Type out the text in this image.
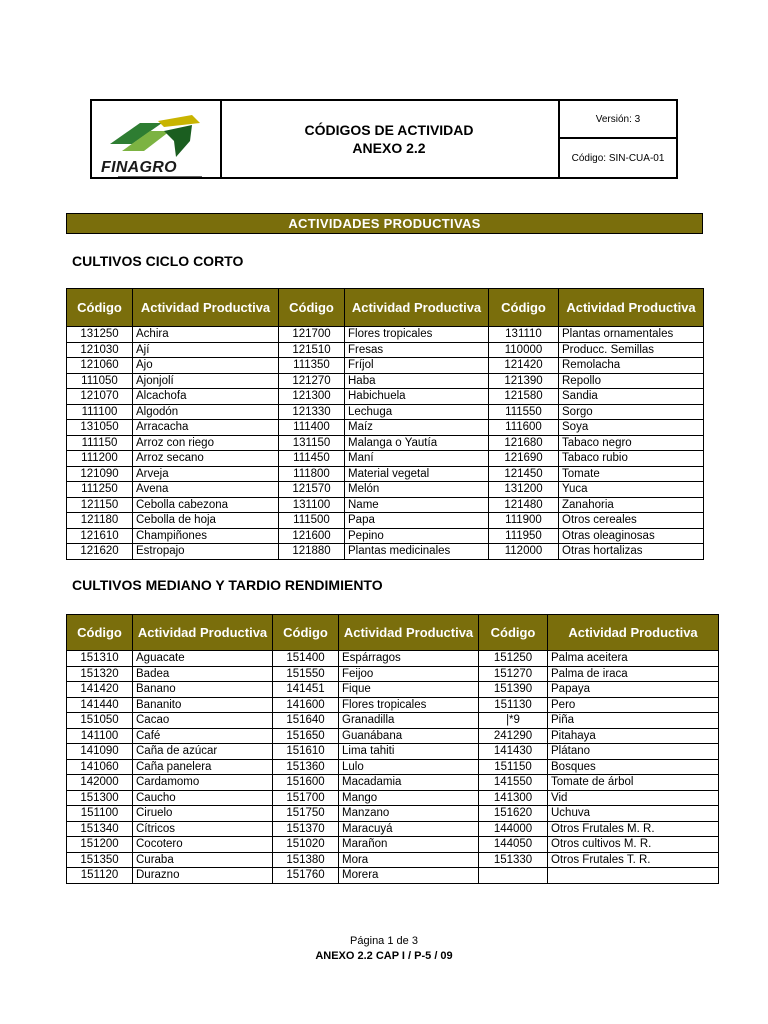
FINAGRO
CÓDIGOS DE ACTIVIDAD
ANEXO 2.2
Versión: 3
Código: SIN-CUA-01
ACTIVIDADES PRODUCTIVAS
CULTIVOS CICLO CORTO
Código	Actividad Productiva	Código	Actividad Productiva	Código	Actividad Productiva
131250	Achira	121700	Flores tropicales	131110	Plantas ornamentales
121030	Ají	121510	Fresas	110000	Producc. Semillas
121060	Ajo	111350	Fríjol	121420	Remolacha
111050	Ajonjolí	121270	Haba	121390	Repollo
121070	Alcachofa	121300	Habichuela	121580	Sandia
111100	Algodón	121330	Lechuga	111550	Sorgo
131050	Arracacha	111400	Maíz	111600	Soya
111150	Arroz con riego	131150	Malanga o Yautía	121680	Tabaco negro
111200	Arroz secano	111450	Maní	121690	Tabaco rubio
121090	Arveja	111800	Material vegetal	121450	Tomate
111250	Avena	121570	Melón	131200	Yuca
121150	Cebolla cabezona	131100	Name	121480	Zanahoria
121180	Cebolla de hoja	111500	Papa	111900	Otros cereales
121610	Champiñones	121600	Pepino	111950	Otras oleaginosas
121620	Estropajo	121880	Plantas medicinales	112000	Otras hortalizas
CULTIVOS MEDIANO Y TARDIO RENDIMIENTO
Código	Actividad Productiva	Código	Actividad Productiva	Código	Actividad Productiva
151310	Aguacate	151400	Espárragos	151250	Palma aceitera
151320	Badea	151550	Feijoo	151270	Palma de iraca
141420	Banano	141451	Fique	151390	Papaya
141440	Bananito	141600	Flores tropicales	151130	Pero
151050	Cacao	151640	Granadilla	|*9	Piña
141100	Café	151650	Guanábana	241290	Pitahaya
141090	Caña de azúcar	151610	Lima tahiti	141430	Plátano
141060	Caña panelera	151360	Lulo	151150	Bosques
142000	Cardamomo	151600	Macadamia	141550	Tomate de árbol
151300	Caucho	151700	Mango	141300	Vid
151100	Ciruelo	151750	Manzano	151620	Uchuva
151340	Cítricos	151370	Maracuyá	144000	Otros Frutales M. R.
151200	Cocotero	151020	Marañon	144050	Otros cultivos M. R.
151350	Curaba	151380	Mora	151330	Otros Frutales T. R.
151120	Durazno	151760	Morera		
Página 1 de 3
ANEXO 2.2 CAP I / P-5 / 09
